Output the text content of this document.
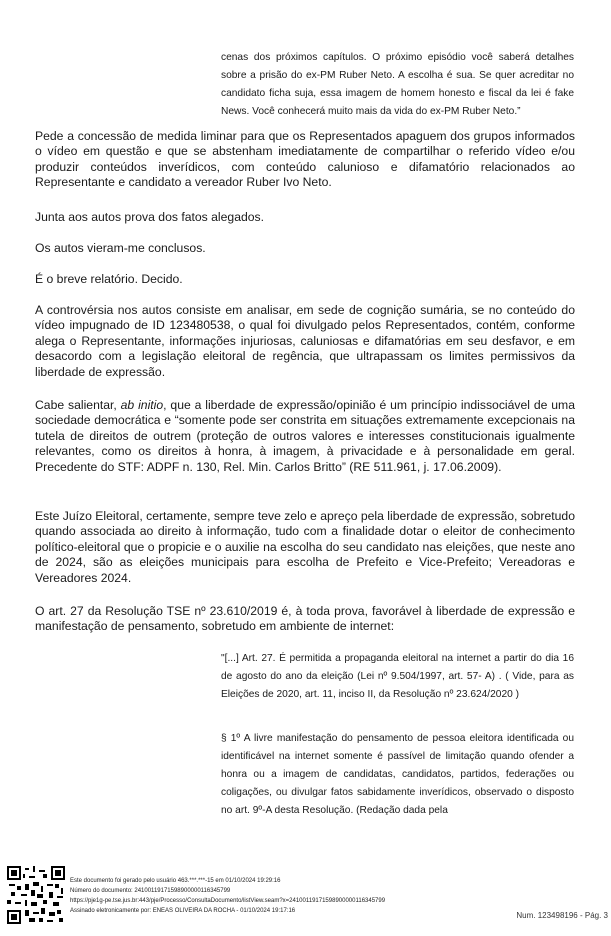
cenas dos próximos capítulos. O próximo episódio você saberá detalhes sobre a prisão do ex-PM Ruber Neto. A escolha é sua. Se quer acreditar no candidato ficha suja, essa imagem de homem honesto e fiscal da lei é fake News. Você conhecerá muito mais da vida do ex-PM Ruber Neto.”
Pede a concessão de medida liminar para que os Representados apaguem dos grupos informados o vídeo em questão e que se abstenham imediatamente de compartilhar o referido vídeo e/ou produzir conteúdos inverídicos, com conteúdo calunioso e difamatório relacionados ao Representante e candidato a vereador Ruber Ivo Neto.
Junta aos autos prova dos fatos alegados.
Os autos vieram-me conclusos.
É o breve relatório. Decido.
A controvérsia nos autos consiste em analisar, em sede de cognição sumária, se no conteúdo do vídeo impugnado de ID 123480538, o qual foi divulgado pelos Representados, contém, conforme alega o Representante, informações injuriosas, caluniosas e difamatórias em seu desfavor, e em desacordo com a legislação eleitoral de regência, que ultrapassam os limites permissivos da liberdade de expressão.
Cabe salientar, ab initio, que a liberdade de expressão/opinião é um princípio indissociável de uma sociedade democrática e “somente pode ser constrita em situações extremamente excepcionais na tutela de direitos de outrem (proteção de outros valores e interesses constitucionais igualmente relevantes, como os direitos à honra, à imagem, à privacidade e à personalidade em geral. Precedente do STF: ADPF n. 130, Rel. Min. Carlos Britto” (RE 511.961, j. 17.06.2009).
Este Juízo Eleitoral, certamente, sempre teve zelo e apreço pela liberdade de expressão, sobretudo quando associada ao direito à informação, tudo com a finalidade dotar o eleitor de conhecimento político-eleitoral que o propicie e o auxilie na escolha do seu candidato nas eleições, que neste ano de 2024, são as eleições municipais para escolha de Prefeito e Vice-Prefeito; Vereadoras e Vereadores 2024.
O art. 27 da Resolução TSE nº 23.610/2019 é, à toda prova, favorável à liberdade de expressão e manifestação de pensamento, sobretudo em ambiente de internet:
"[...] Art. 27. É permitida a propaganda eleitoral na internet a partir do dia 16 de agosto do ano da eleição (Lei nº 9.504/1997, art. 57- A) . ( Vide, para as Eleições de 2020, art. 11, inciso II, da Resolução nº 23.624/2020 )
§ 1º A livre manifestação do pensamento de pessoa eleitora identificada ou identificável na internet somente é passível de limitação quando ofender a honra ou a imagem de candidatas, candidatos, partidos, federações ou coligações, ou divulgar fatos sabidamente inverídicos, observado o disposto no art. 9º-A desta Resolução. (Redação dada pela
Este documento foi gerado pelo usuário 463.***.***-15 em 01/10/2024 19:29:16
Número do documento: 24100119171598900000116345799
https://pje1g-pe.tse.jus.br:443/pje/Processo/ConsultaDocumento/listView.seam?x=24100119171598900000116345799
Assinado eletronicamente por: ENEAS OLIVEIRA DA ROCHA - 01/10/2024 19:17:16	Num. 123498196 - Pág. 3
